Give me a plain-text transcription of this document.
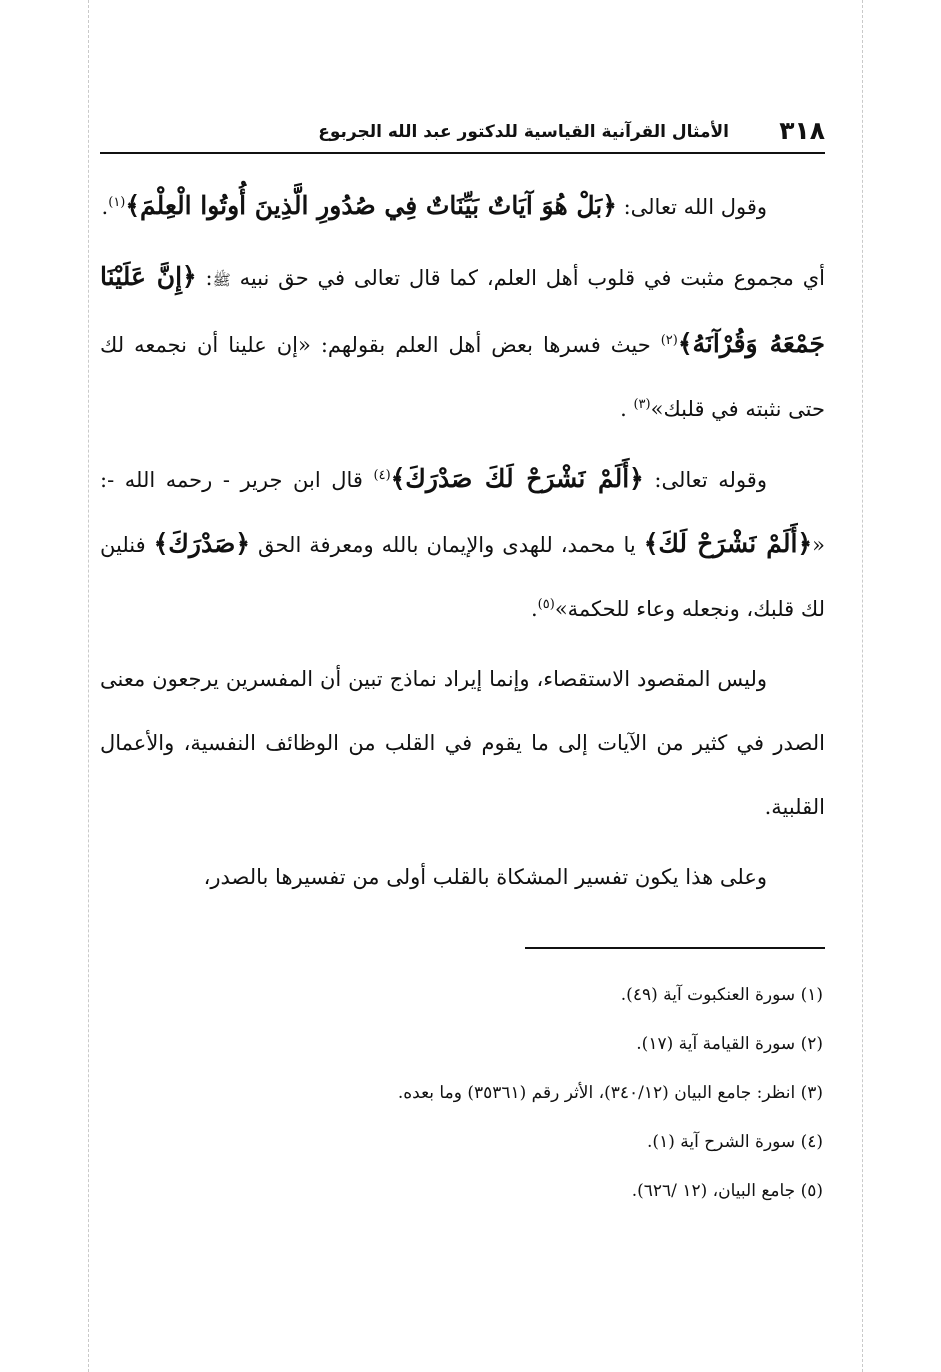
٣١٨
الأمثال القرآنية القياسية للدكتور عبد الله الجربوع

وقول الله تعالى: ﴿بَلْ هُوَ آيَاتٌ بَيِّنَاتٌ فِي صُدُورِ الَّذِينَ أُوتُوا الْعِلْمَ﴾$^{(١)}$.

أي مجموع مثبت في قلوب أهل العلم، كما قال تعالى في حق نبيه ﷺ: ﴿إِنَّ عَلَيْنَا جَمْعَهُ وَقُرْآنَهُ﴾$^{(٢)}$ حيث فسرها بعض أهل العلم بقولهم: «إن علينا أن نجمعه لك حتى نثبته في قلبك»$^{(٣)}$ .

وقوله تعالى: ﴿أَلَمْ نَشْرَحْ لَكَ صَدْرَكَ﴾$^{(٤)}$ قال ابن جرير - رحمه الله -: «﴿أَلَمْ نَشْرَحْ لَكَ﴾ يا محمد، للهدى والإيمان بالله ومعرفة الحق ﴿صَدْرَكَ﴾ فنلين لك قلبك، ونجعله وعاء للحكمة»$^{(٥)}$.

وليس المقصود الاستقصاء، وإنما إيراد نماذج تبين أن المفسرين يرجعون معنى الصدر في كثير من الآيات إلى ما يقوم في القلب من الوظائف النفسية، والأعمال القلبية.

وعلى هذا يكون تفسير المشكاة بالقلب أولى من تفسيرها بالصدر،

(١) سورة العنكبوت آية (٤٩).
(٢) سورة القيامة آية (١٧).
(٣) انظر: جامع البيان (٣٤٠/١٢)، الأثر رقم (٣٥٣٦١) وما بعده.
(٤) سورة الشرح آية (١).
(٥) جامع البيان، (١٢ /٦٢٦).
